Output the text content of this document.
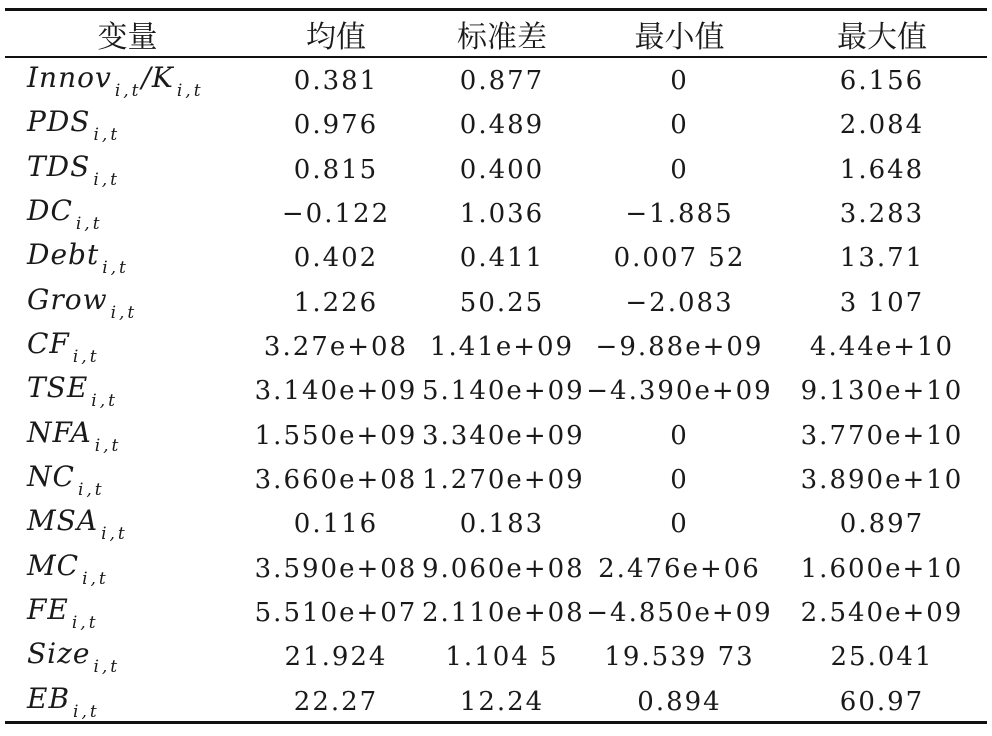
变量	均值	标准差	最小值	最大值
Innov $_{i,t}$/K $_{i,t}$	0.381	0.877	0	6.156
PDS $_{i,t}$	0.976	0.489	0	2.084
TDS $_{i,t}$	0.815	0.400	0	1.648
DC $_{i,t}$	−0.122	1.036	−1.885	3.283
Debt $_{i,t}$	0.402	0.411	0.007 52	13.71
Grow $_{i,t}$	1.226	50.25	−2.083	3 107
CF $_{i,t}$	3.27e+08	1.41e+09	−9.88e+09	4.44e+10
TSE $_{i,t}$	3.140e+09	5.140e+09	−4.390e+09	9.130e+10
NFA $_{i,t}$	1.550e+09	3.340e+09	0	3.770e+10
NC $_{i,t}$	3.660e+08	1.270e+09	0	3.890e+10
MSA $_{i,t}$	0.116	0.183	0	0.897
MC $_{i,t}$	3.590e+08	9.060e+08	2.476e+06	1.600e+10
FE $_{i,t}$	5.510e+07	2.110e+08	−4.850e+09	2.540e+09
Size $_{i,t}$	21.924	1.104 5	19.539 73	25.041
EB $_{i,t}$	22.27	12.24	0.894	60.97
